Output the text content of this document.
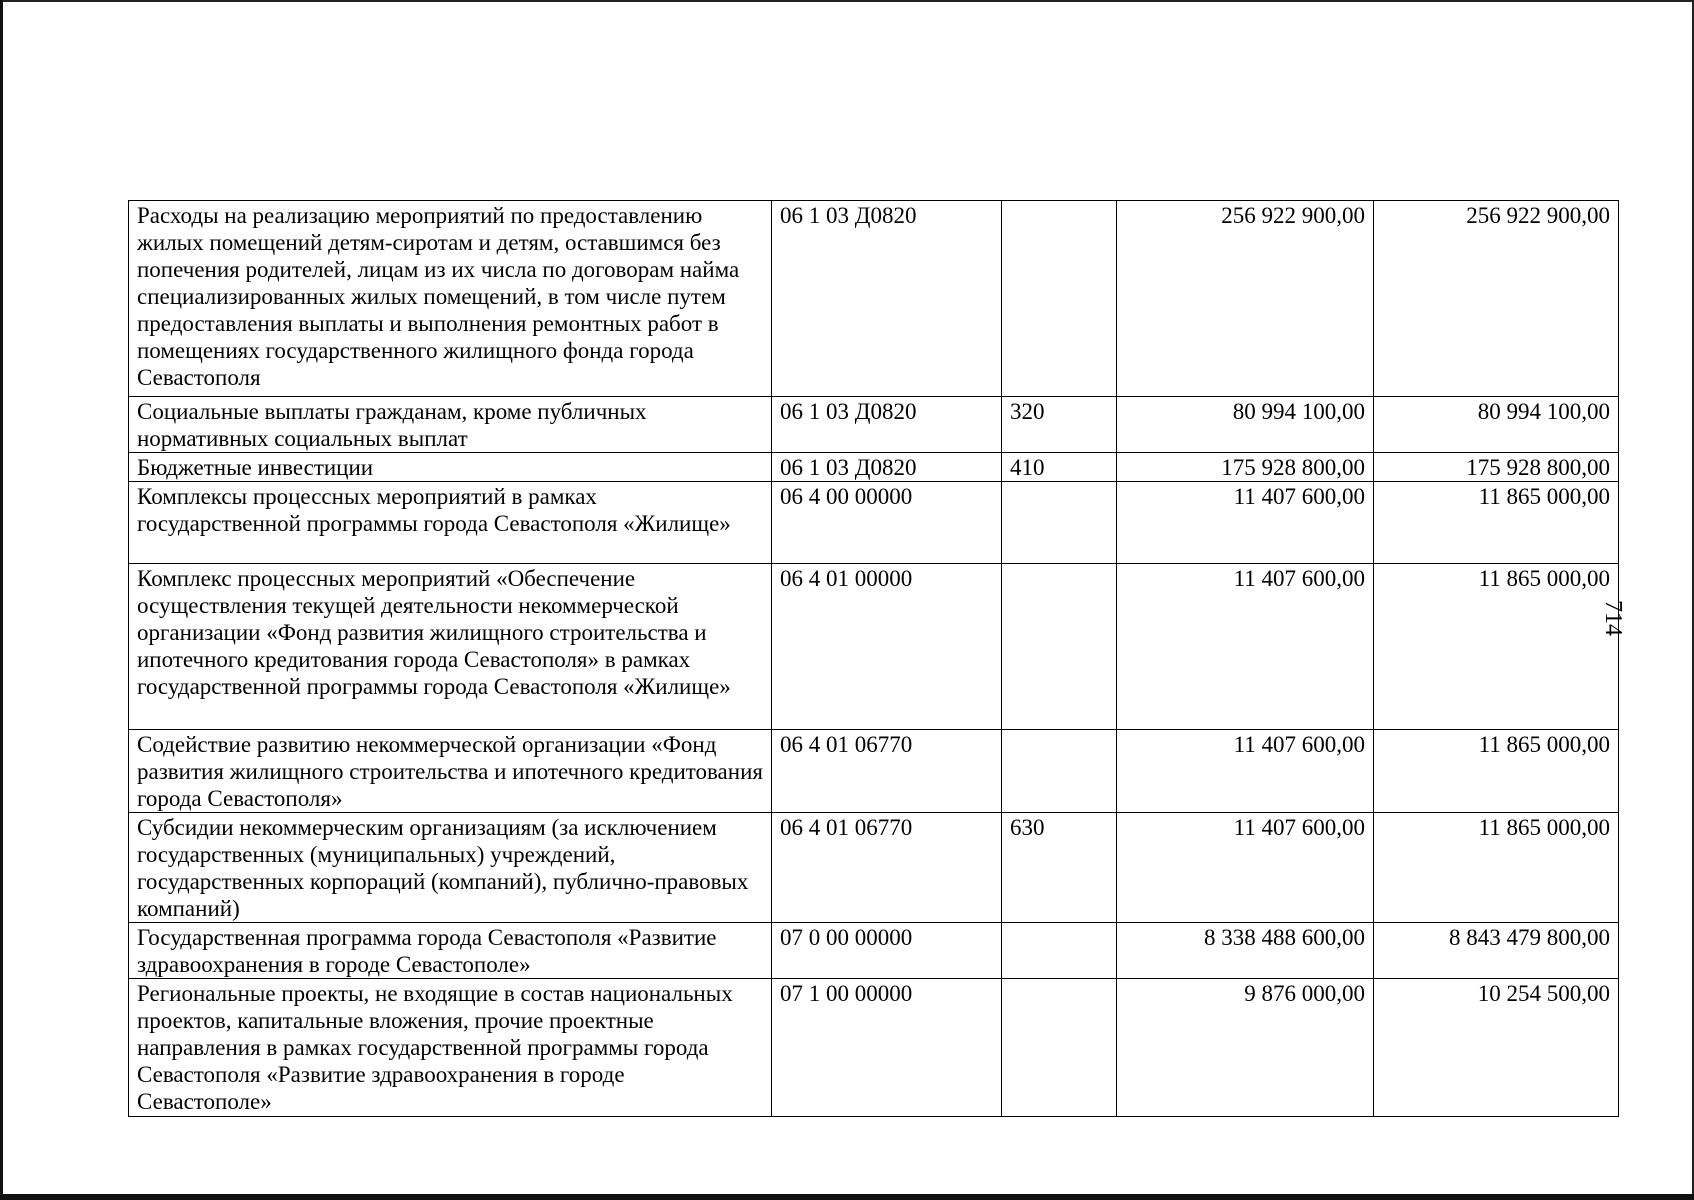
Расходы на реализацию мероприятий по предоставлению жилых помещений детям-сиротам и детям, оставшимся без попечения родителей, лицам из их числа по договорам найма специализированных жилых помещений, в том числе путем предоставления выплаты и выполнения ремонтных работ в помещениях государственного жилищного фонда города Севастополя	06 1 03 Д0820		256 922 900,00	256 922 900,00
Социальные выплаты гражданам, кроме публичных нормативных социальных выплат	06 1 03 Д0820	320	80 994 100,00	80 994 100,00
Бюджетные инвестиции	06 1 03 Д0820	410	175 928 800,00	175 928 800,00
Комплексы процессных мероприятий в рамках государственной программы города Севастополя «Жилище»	06 4 00 00000		11 407 600,00	11 865 000,00
Комплекс процессных мероприятий «Обеспечение осуществления текущей деятельности некоммерческой организации «Фонд развития жилищного строительства и ипотечного кредитования города Севастополя» в рамках государственной программы города Севастополя «Жилище»	06 4 01 00000		11 407 600,00	11 865 000,00
Содействие развитию некоммерческой организации «Фонд развития жилищного строительства и ипотечного кредитования города Севастополя»	06 4 01 06770		11 407 600,00	11 865 000,00
Субсидии некоммерческим организациям (за исключением государственных (муниципальных) учреждений, государственных корпораций (компаний), публично-правовых компаний)	06 4 01 06770	630	11 407 600,00	11 865 000,00
Государственная программа города Севастополя «Развитие здравоохранения в городе Севастополе»	07 0 00 00000		8 338 488 600,00	8 843 479 800,00
Региональные проекты, не входящие в состав национальных проектов, капитальные вложения, прочие проектные направления в рамках государственной программы города Севастополя «Развитие здравоохранения в городе Севастополе»	07 1 00 00000		9 876 000,00	10 254 500,00
714
